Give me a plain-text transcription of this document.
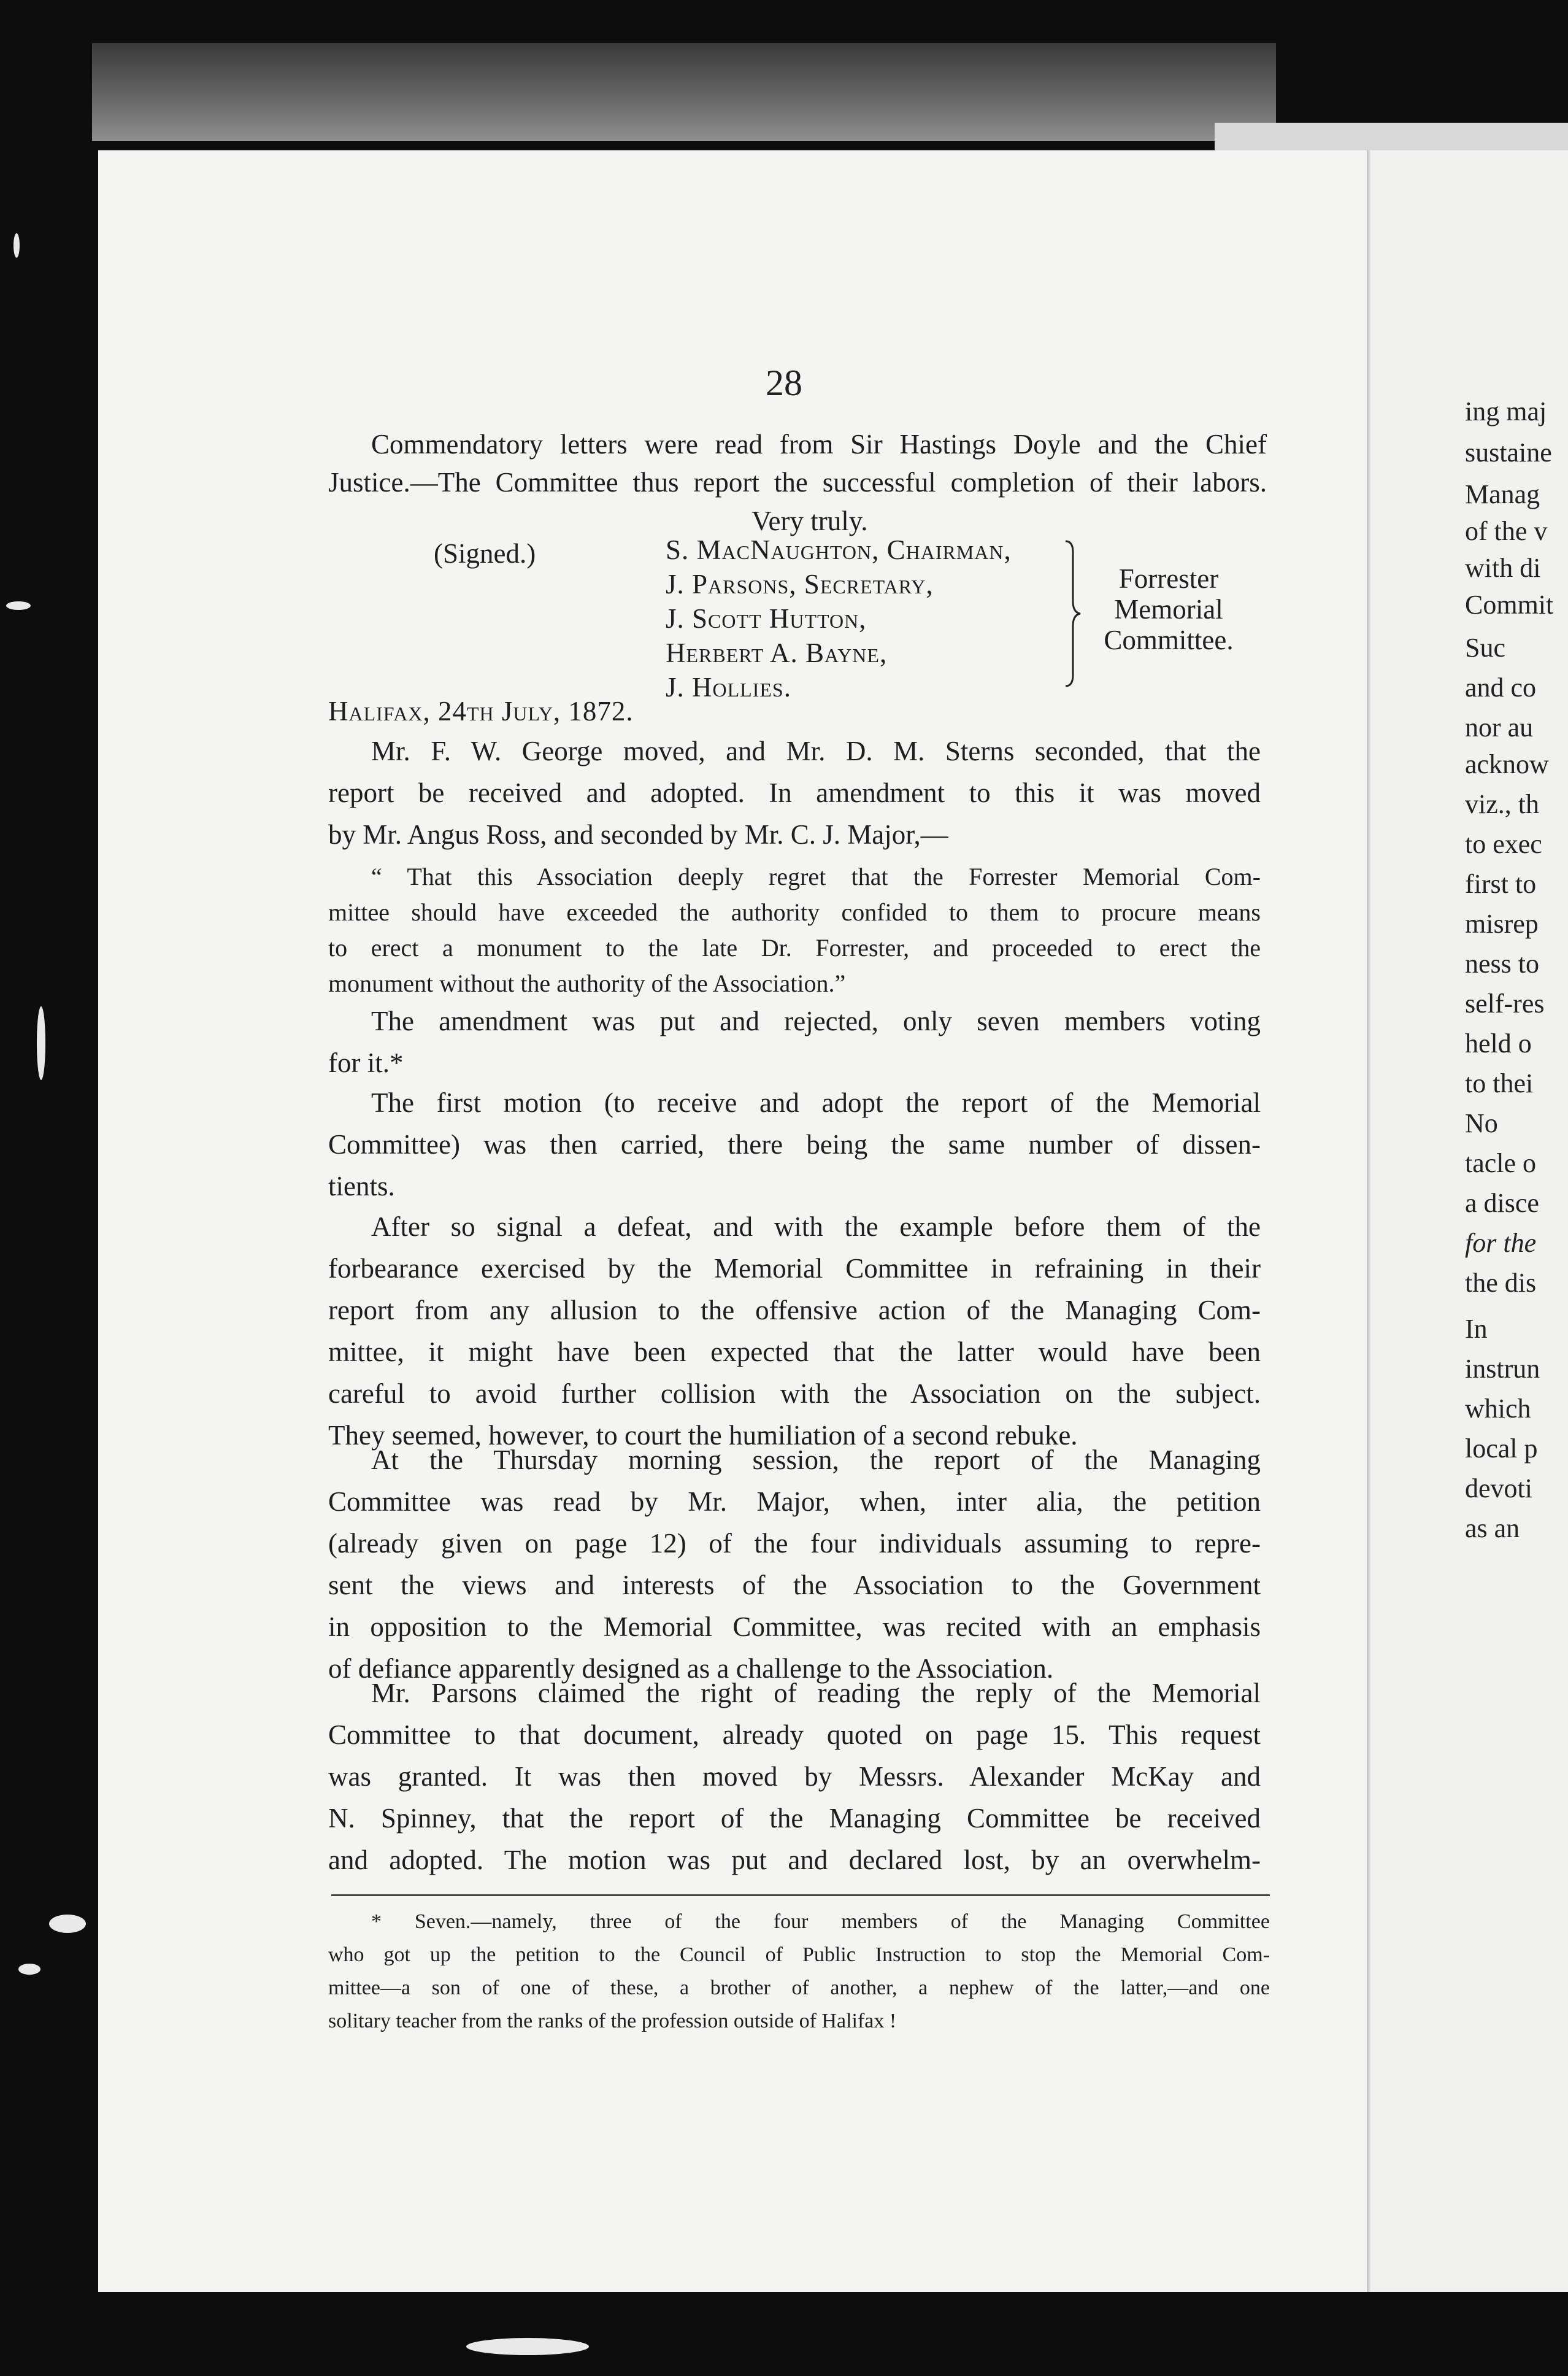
28
Commendatory letters were read from Sir Hastings Doyle and the Chief
Justice.—The Committee thus report the successful completion of their labors.
Very truly.
(Signed.)	S. MacNaughton, Chairman,
J. Parsons, Secretary,
J. Scott Hutton,
Herbert A. Bayne,
J. Hollies.
Forrester
Memorial
Committee.
Halifax, 24th July, 1872.
Mr. F. W. George moved, and Mr. D. M. Sterns seconded, that the
report be received and adopted. In amendment to this it was moved
by Mr. Angus Ross, and seconded by Mr. C. J. Major,—
“ That this Association deeply regret that the Forrester Memorial Com-
mittee should have exceeded the authority confided to them to procure means
to erect a monument to the late Dr. Forrester, and proceeded to erect the
monument without the authority of the Association.”
The amendment was put and rejected, only seven members voting
for it.*
The first motion (to receive and adopt the report of the Memorial
Committee) was then carried, there being the same number of dissen-
tients.
After so signal a defeat, and with the example before them of the
forbearance exercised by the Memorial Committee in refraining in their
report from any allusion to the offensive action of the Managing Com-
mittee, it might have been expected that the latter would have been
careful to avoid further collision with the Association on the subject.
They seemed, however, to court the humiliation of a second rebuke.
At the Thursday morning session, the report of the Managing
Committee was read by Mr. Major, when, inter alia, the petition
(already given on page 12) of the four individuals assuming to repre-
sent the views and interests of the Association to the Government
in opposition to the Memorial Committee, was recited with an emphasis
of defiance apparently designed as a challenge to the Association.
Mr. Parsons claimed the right of reading the reply of the Memorial
Committee to that document, already quoted on page 15. This request
was granted. It was then moved by Messrs. Alexander McKay and
N. Spinney, that the report of the Managing Committee be received
and adopted. The motion was put and declared lost, by an overwhelm-
* Seven.—namely, three of the four members of the Managing Committee
who got up the petition to the Council of Public Instruction to stop the Memorial Com-
mittee—a son of one of these, a brother of another, a nephew of the latter,—and one
solitary teacher from the ranks of the profession outside of Halifax !
ing maj
sustaine
Manag
of the v
with di
Commit
Suc
and co
nor au
acknow
viz., th
to exec
first to
misrep
ness to
self-res
held o
to thei
No
tacle o
a disce
for the
the dis
In
instrun
which
local p
devoti
as an
